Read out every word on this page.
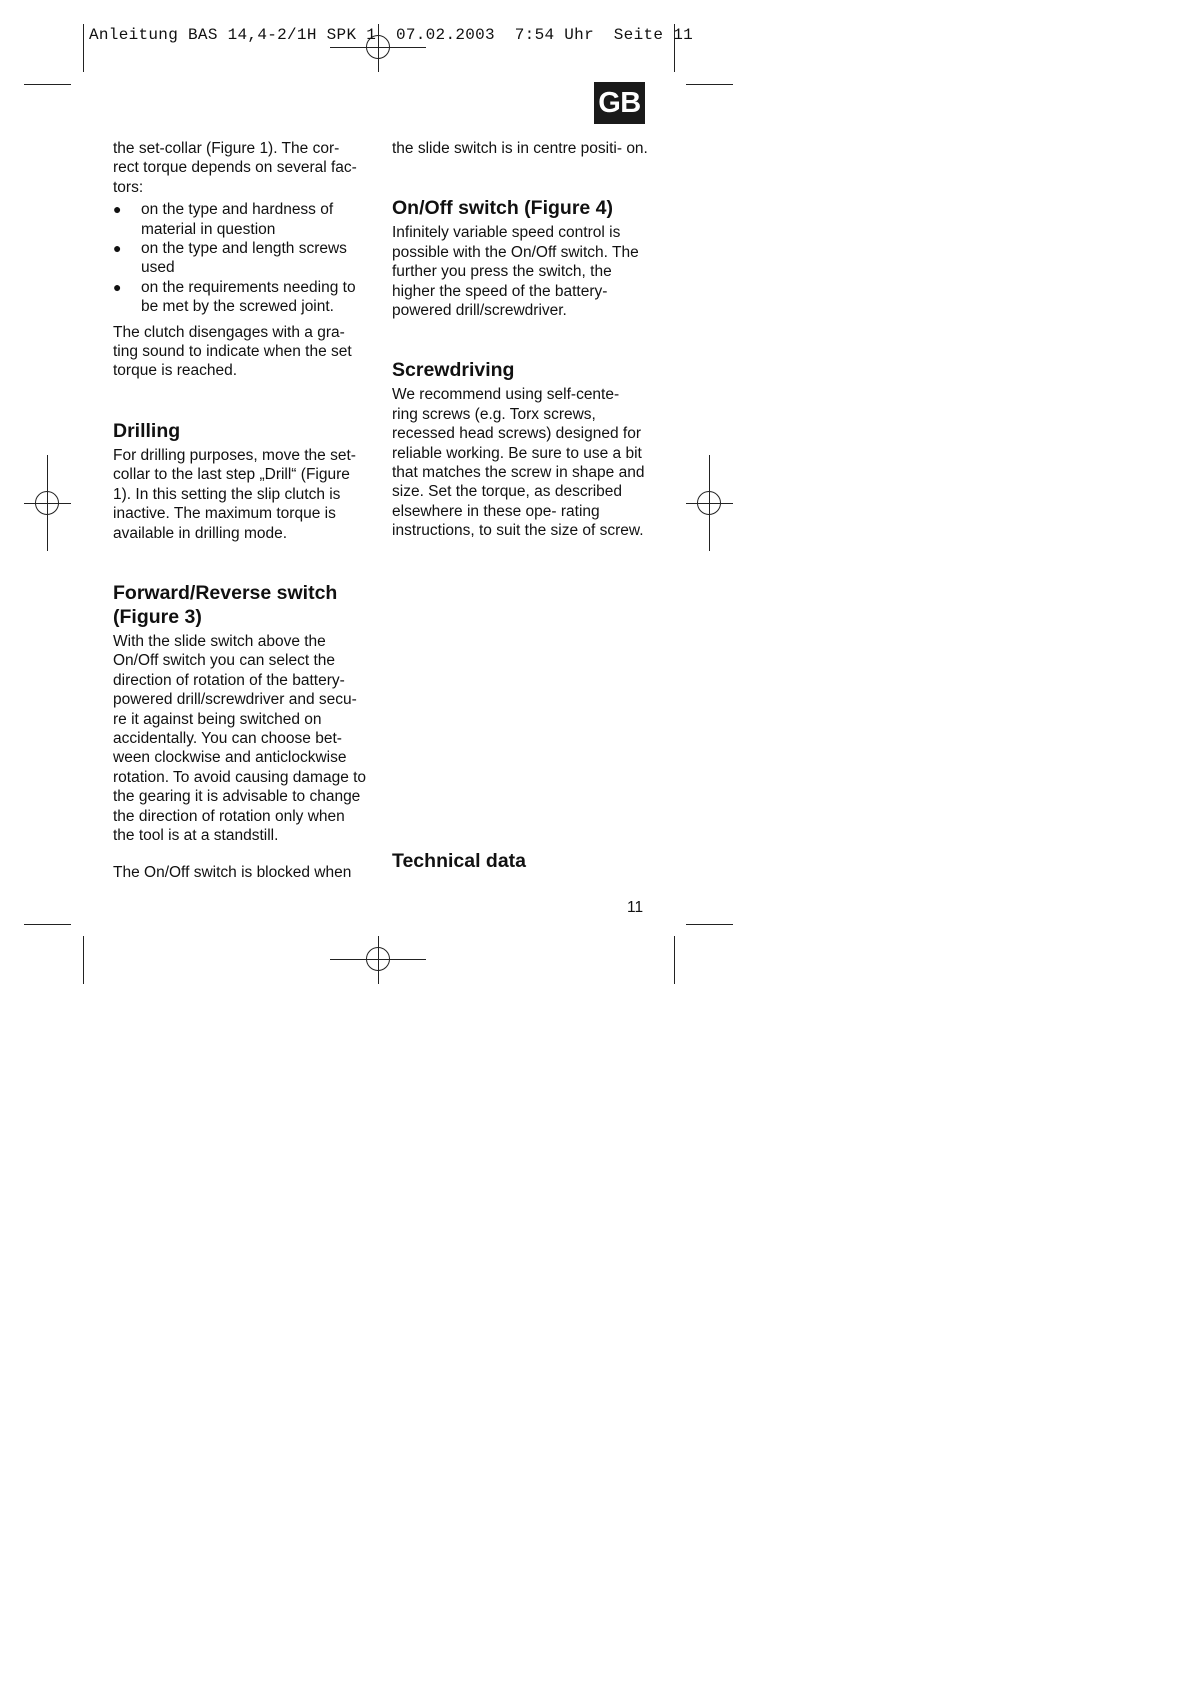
Anleitung BAS 14,4-2/1H SPK 1  07.02.2003  7:54 Uhr  Seite 11
GB

the set-collar (Figure 1). The cor- rect torque depends on several fac- tors:

● on the type and hardness of material in question
● on the type and length screws used
● on the requirements needing to be met by the screwed joint.

The clutch disengages with a gra- ting sound to indicate when the set torque is reached.

Drilling

For drilling purposes, move the set- collar to the last step „Drill“ (Figure 1). In this setting the slip clutch is inactive. The maximum torque is available in drilling mode.

Forward/Reverse switch (Figure 3)

With the slide switch above the On/Off switch you can select the direction of rotation of the battery- powered drill/screwdriver and secu- re it against being switched on accidentally. You can choose bet- ween clockwise and anticlockwise rotation. To avoid causing damage to the gearing it is advisable to change the direction of rotation only when the tool is at a standstill.

The On/Off switch is blocked when

the slide switch is in centre positi- on.

On/Off switch (Figure 4)

Infinitely variable speed control is possible with the On/Off switch. The further you press the switch, the higher the speed of the battery- powered drill/screwdriver.

Screwdriving

We recommend using self-cente- ring screws (e.g. Torx screws, recessed head screws) designed for reliable working. Be sure to use a bit that matches the screw in shape and size. Set the torque, as described elsewhere in these ope- rating instructions, to suit the size of screw.

Technical data
11
